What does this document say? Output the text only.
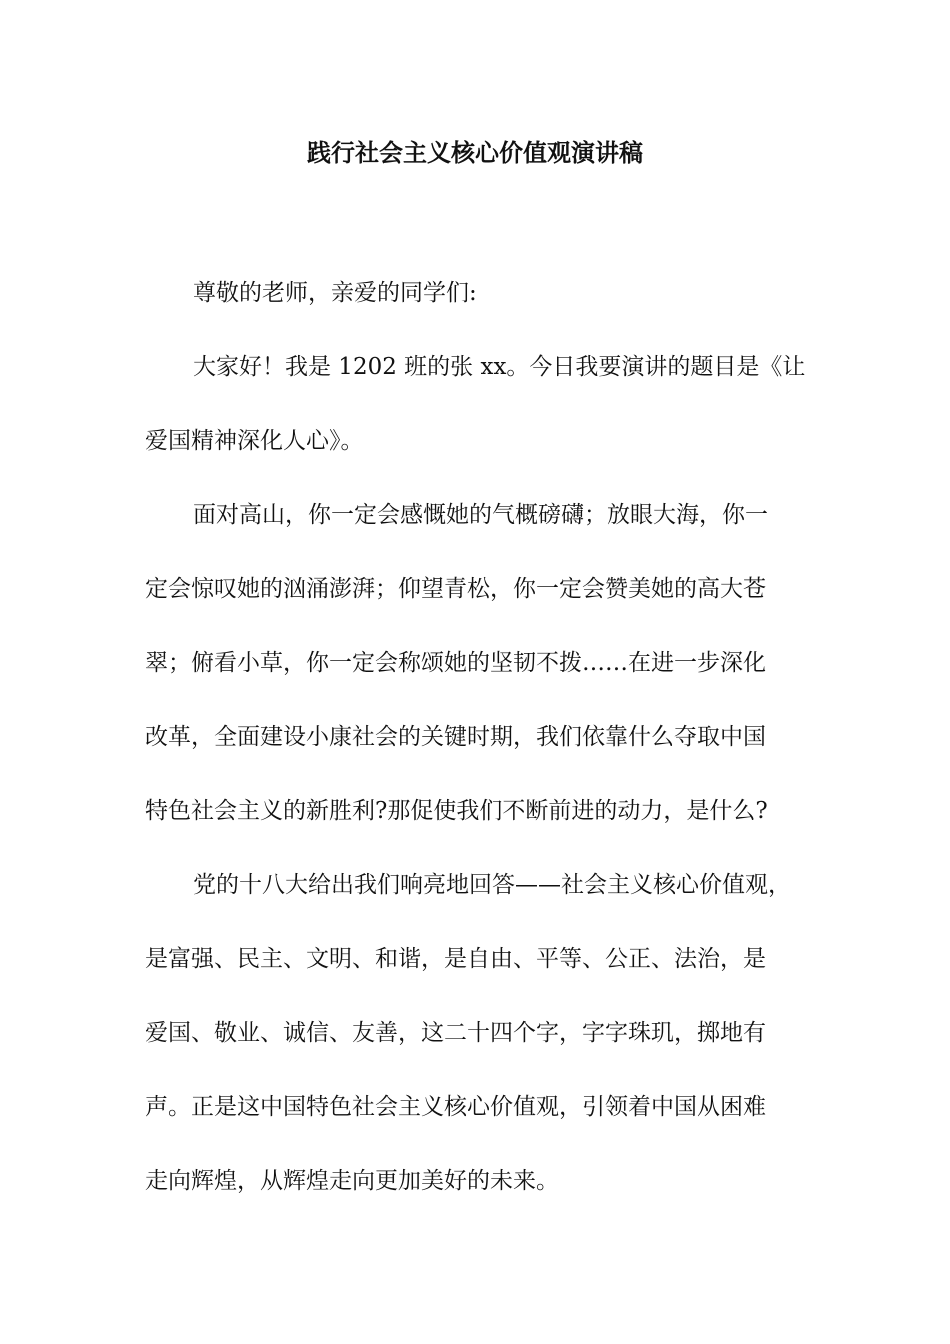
践行社会主义核心价值观演讲稿
尊敬的老师，亲爱的同学们:
大家好！我是 1202 班的张 xx。今日我要演讲的题目是《让
爱国精神深化人心》。
面对高山，你一定会感慨她的气概磅礴；放眼大海，你一
定会惊叹她的汹涌澎湃；仰望青松，你一定会赞美她的高大苍
翠；俯看小草，你一定会称颂她的坚韧不拨……在进一步深化
改革，全面建设小康社会的关键时期，我们依靠什么夺取中国
特色社会主义的新胜利?那促使我们不断前进的动力，是什么?
党的十八大给出我们响亮地回答——社会主义核心价值观，
是富强、民主、文明、和谐，是自由、平等、公正、法治，是
爱国、敬业、诚信、友善，这二十四个字，字字珠玑，掷地有
声。正是这中国特色社会主义核心价值观，引领着中国从困难
走向辉煌，从辉煌走向更加美好的未来。
